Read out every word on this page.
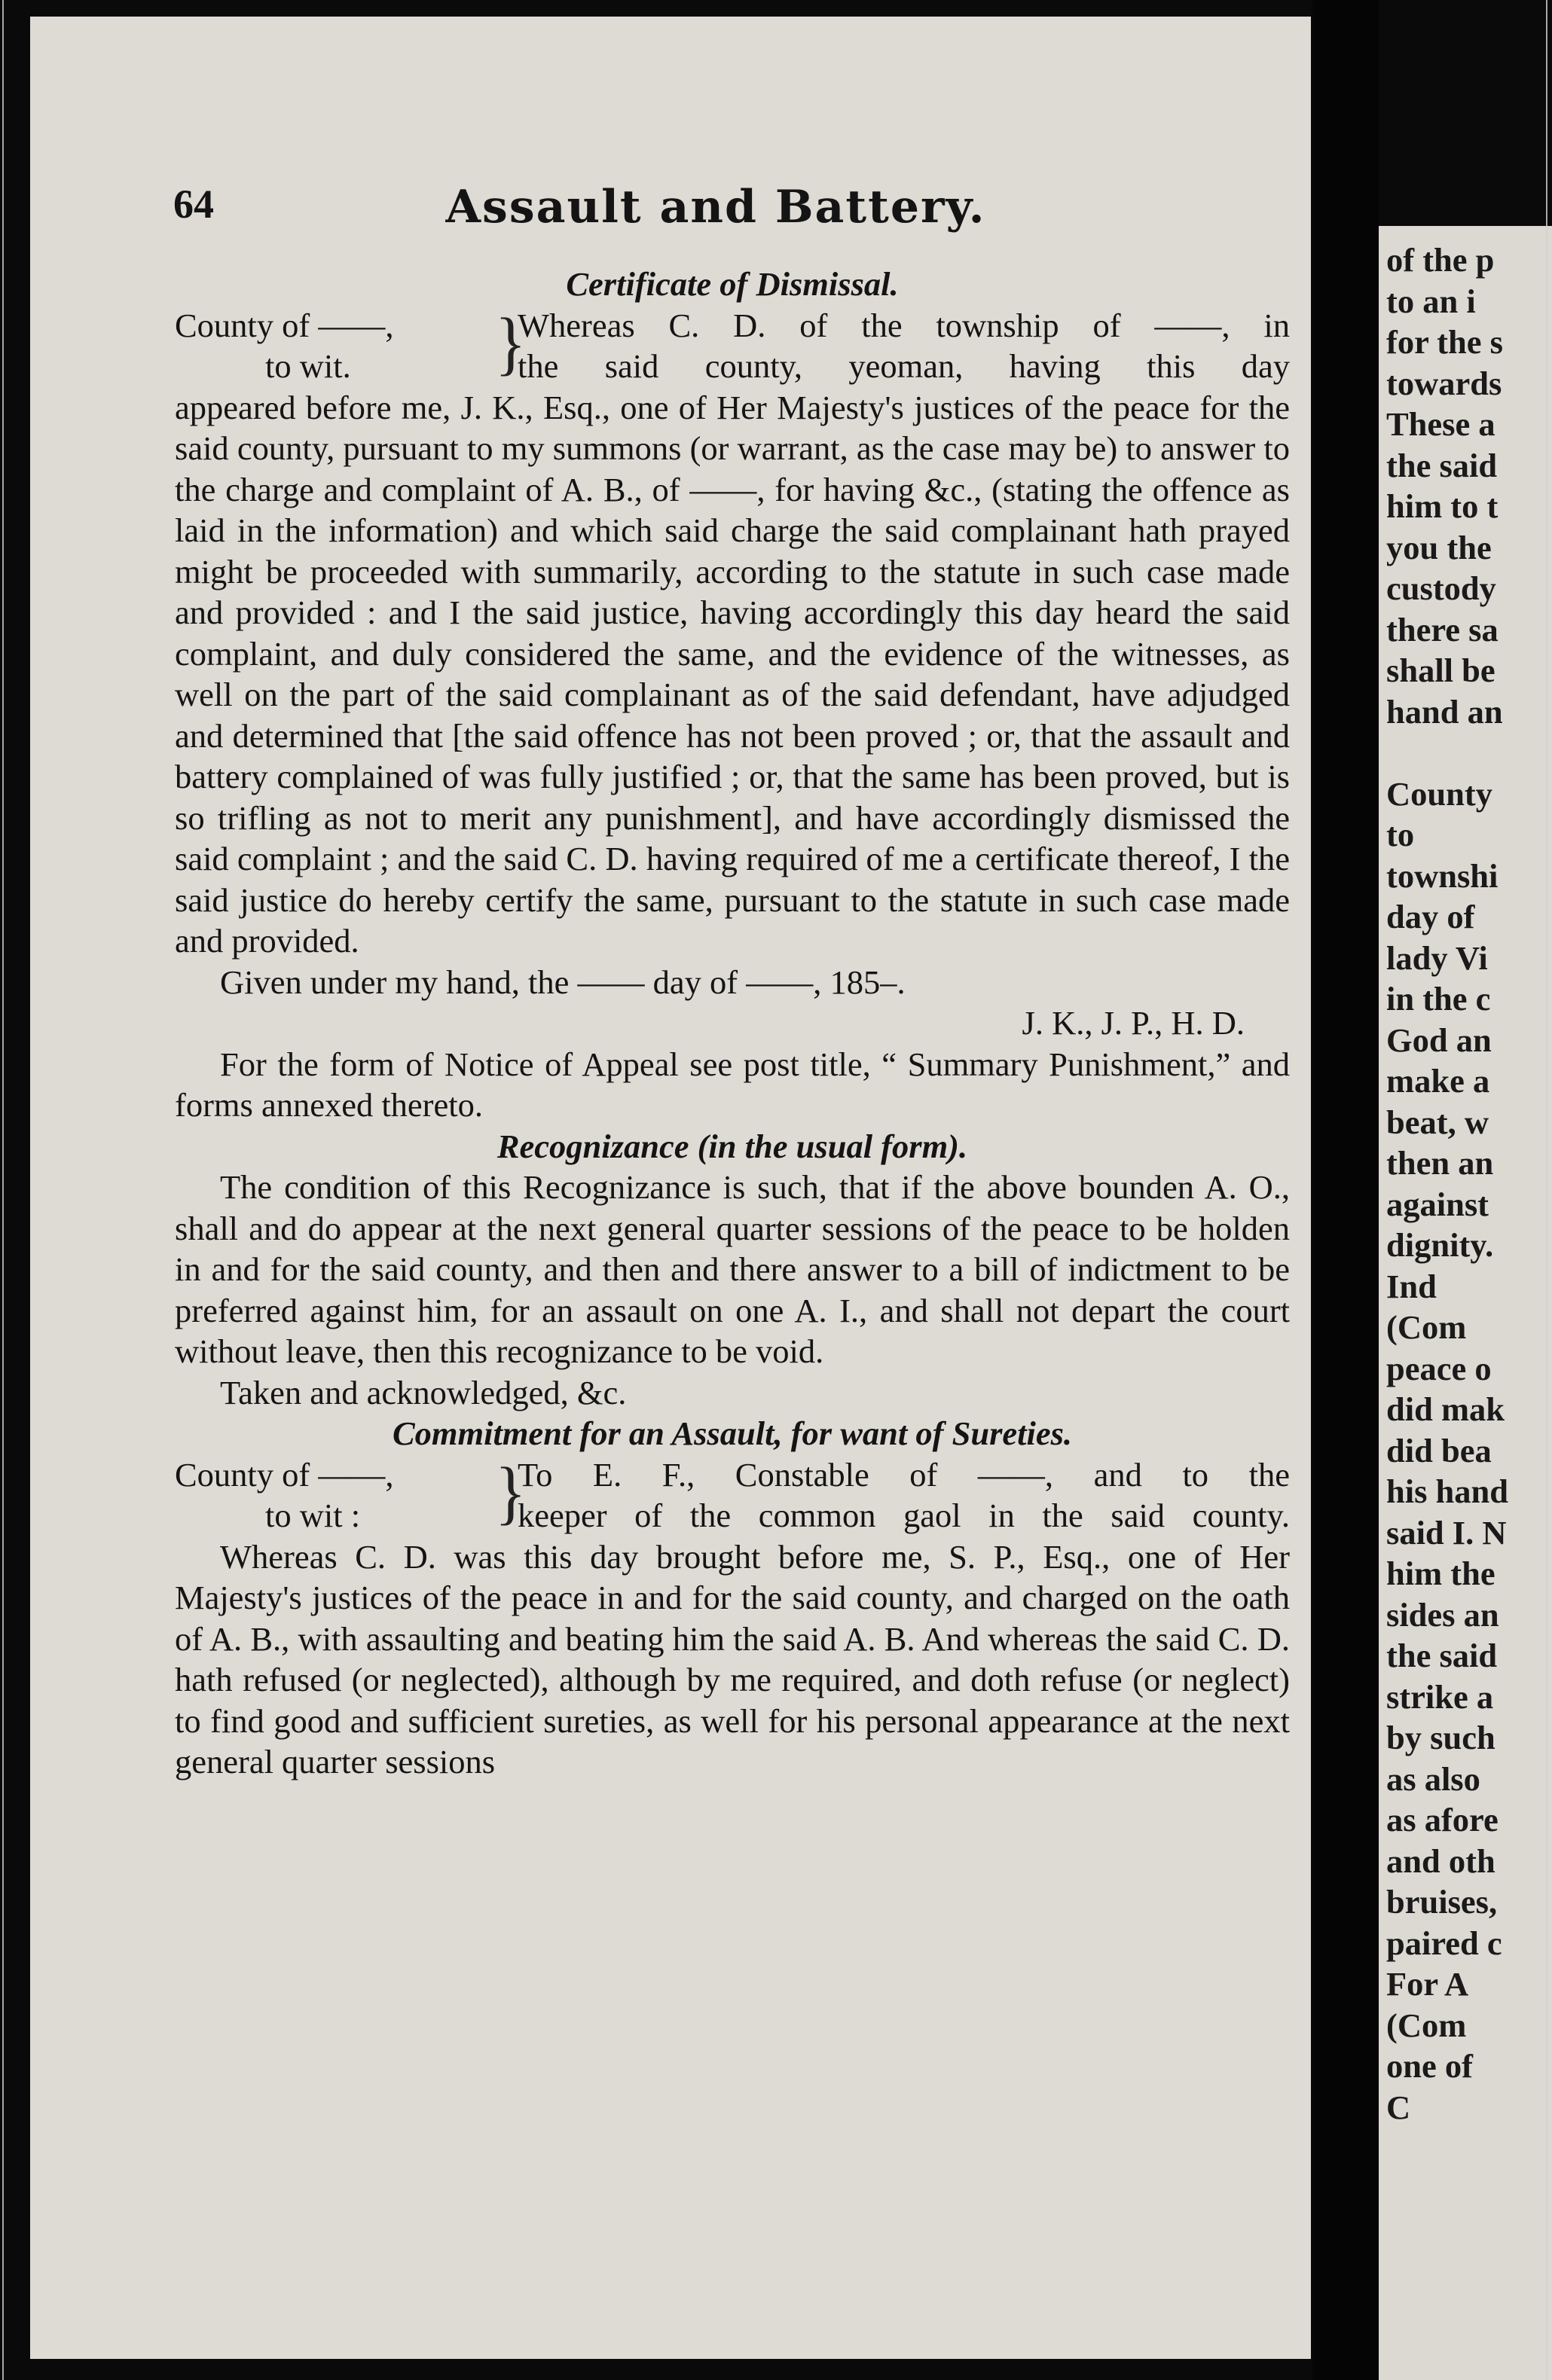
64	Assault and Battery.

Certificate of Dismissal.

County of ——,
to wit.	}
Whereas C. D. of the township of ——, in
the said county, yeoman, having this day

appeared before me, J. K., Esq., one of Her Majesty's justices of the peace for the said county, pursuant to my summons (or warrant, as the case may be) to answer to the charge and complaint of A. B., of ——, for having &c., (stating the offence as laid in the information) and which said charge the said complainant hath prayed might be proceeded with summarily, according to the statute in such case made and provided : and I the said justice, having accordingly this day heard the said complaint, and duly considered the same, and the evidence of the witnesses, as well on the part of the said complainant as of the said defendant, have adjudged and determined that [the said offence has not been proved ; or, that the assault and battery complained of was fully justified ; or, that the same has been proved, but is so trifling as not to merit any punishment], and have accordingly dismissed the said complaint ; and the said C. D. having required of me a certificate thereof, I the said justice do hereby certify the same, pursuant to the statute in such case made and provided.

Given under my hand, the —— day of ——, 185–.

J. K., J. P., H. D.

For the form of Notice of Appeal see post title, “ Summary Punishment,” and forms annexed thereto.

Recognizance (in the usual form).

The condition of this Recognizance is such, that if the above bounden A. O., shall and do appear at the next general quarter sessions of the peace to be holden in and for the said county, and then and there answer to a bill of indictment to be preferred against him, for an assault on one A. I., and shall not depart the court without leave, then this recognizance to be void.

Taken and acknowledged, &c.

Commitment for an Assault, for want of Sureties.

County of ——,
to wit :	}
To E. F., Constable of ——, and to the
keeper of the common gaol in the said county.

Whereas C. D. was this day brought before me, S. P., Esq., one of Her Majesty's justices of the peace in and for the said county, and charged on the oath of A. B., with assaulting and beating him the said A. B. And whereas the said C. D. hath refused (or neglected), although by me required, and doth refuse (or neglect) to find good and sufficient sureties, as well for his personal appearance at the next general quarter sessions

of the p
to an i
for the s
towards
These a
the said
him to t
you the
custody
there sa
shall be
hand an
County
to
townshi
day of
lady Vi
in the c
God an
make a
beat, w
then an
against
dignity.
Ind
(Com
peace o
did mak
did bea
his hand
said I. N
him the
sides an
the said
strike a
by such
as also
as afore
and oth
bruises,
paired c
For A
(Com
one of
C
